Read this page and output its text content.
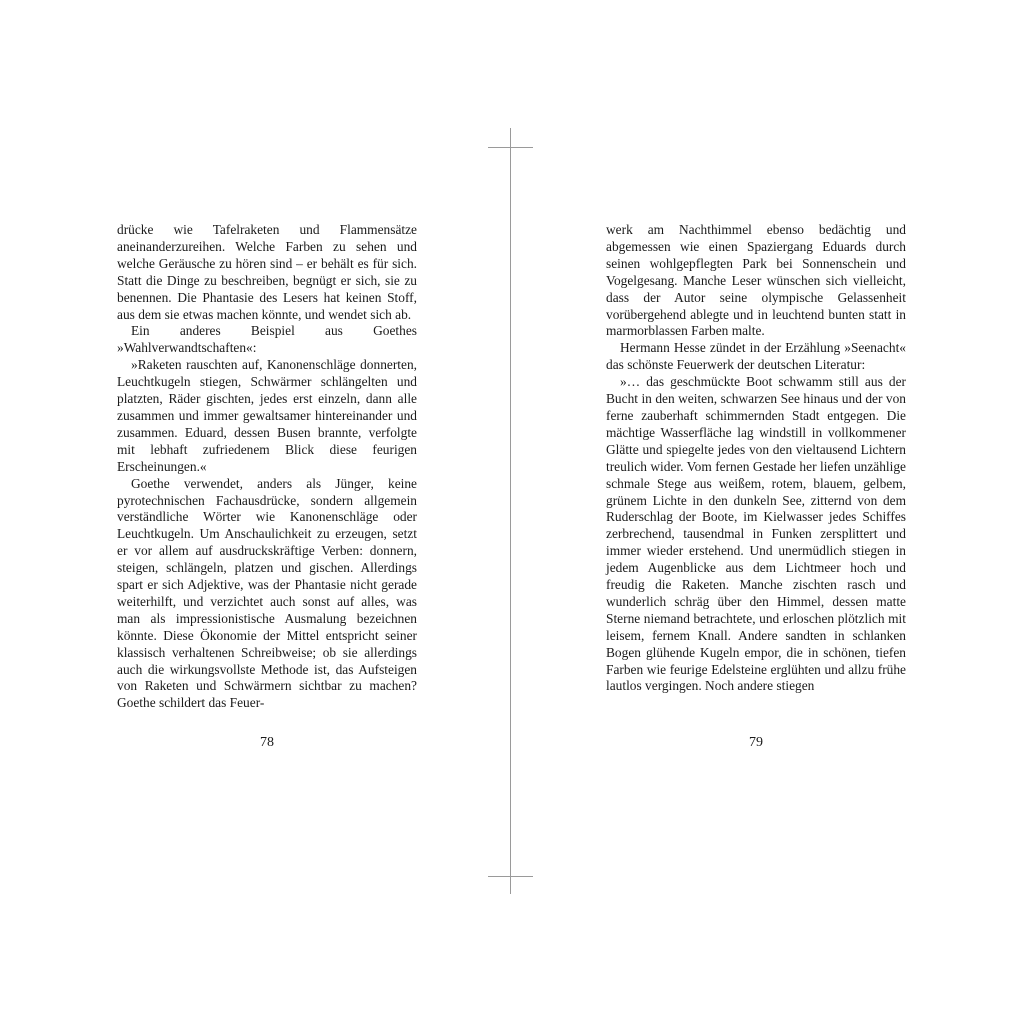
drücke wie Tafelraketen und Flammensätze aneinanderzureihen. Welche Farben zu sehen und welche Geräusche zu hören sind – er behält es für sich. Statt die Dinge zu beschreiben, begnügt er sich, sie zu benennen. Die Phantasie des Lesers hat keinen Stoff, aus dem sie etwas machen könnte, und wendet sich ab.

Ein anderes Beispiel aus Goethes »Wahlverwandtschaften«:

»Raketen rauschten auf, Kanonenschläge donnerten, Leuchtkugeln stiegen, Schwärmer schlängelten und platzten, Räder gischten, jedes erst einzeln, dann alle zusammen und immer gewaltsamer hintereinander und zusammen. Eduard, dessen Busen brannte, verfolgte mit lebhaft zufriedenem Blick diese feurigen Erscheinungen.«

Goethe verwendet, anders als Jünger, keine pyrotechnischen Fachausdrücke, sondern allgemein verständliche Wörter wie Kanonenschläge oder Leuchtkugeln. Um Anschaulichkeit zu erzeugen, setzt er vor allem auf ausdruckskräftige Verben: donnern, steigen, schlängeln, platzen und gischen. Allerdings spart er sich Adjektive, was der Phantasie nicht gerade weiterhilft, und verzichtet auch sonst auf alles, was man als impressionistische Ausmalung bezeichnen könnte. Diese Ökonomie der Mittel entspricht seiner klassisch verhaltenen Schreibweise; ob sie allerdings auch die wirkungsvollste Methode ist, das Aufsteigen von Raketen und Schwärmern sichtbar zu machen? Goethe schildert das Feuer-

78

werk am Nachthimmel ebenso bedächtig und abgemessen wie einen Spaziergang Eduards durch seinen wohlgepflegten Park bei Sonnenschein und Vogelgesang. Manche Leser wünschen sich vielleicht, dass der Autor seine olympische Gelassenheit vorübergehend ablegte und in leuchtend bunten statt in marmorblassen Farben malte.

Hermann Hesse zündet in der Erzählung »Seenacht« das schönste Feuerwerk der deutschen Literatur:

»… das geschmückte Boot schwamm still aus der Bucht in den weiten, schwarzen See hinaus und der von ferne zauberhaft schimmernden Stadt entgegen. Die mächtige Wasserfläche lag windstill in vollkommener Glätte und spiegelte jedes von den vieltausend Lichtern treulich wider. Vom fernen Gestade her liefen unzählige schmale Stege aus weißem, rotem, blauem, gelbem, grünem Lichte in den dunkeln See, zitternd von dem Ruderschlag der Boote, im Kielwasser jedes Schiffes zerbrechend, tausendmal in Funken zersplittert und immer wieder erstehend. Und unermüdlich stiegen in jedem Augenblicke aus dem Lichtmeer hoch und freudig die Raketen. Manche zischten rasch und wunderlich schräg über den Himmel, dessen matte Sterne niemand betrachtete, und erloschen plötzlich mit leisem, fernem Knall. Andere sandten in schlanken Bogen glühende Kugeln empor, die in schönen, tiefen Farben wie feurige Edelsteine erglühten und allzu frühe lautlos vergingen. Noch andere stiegen

79
